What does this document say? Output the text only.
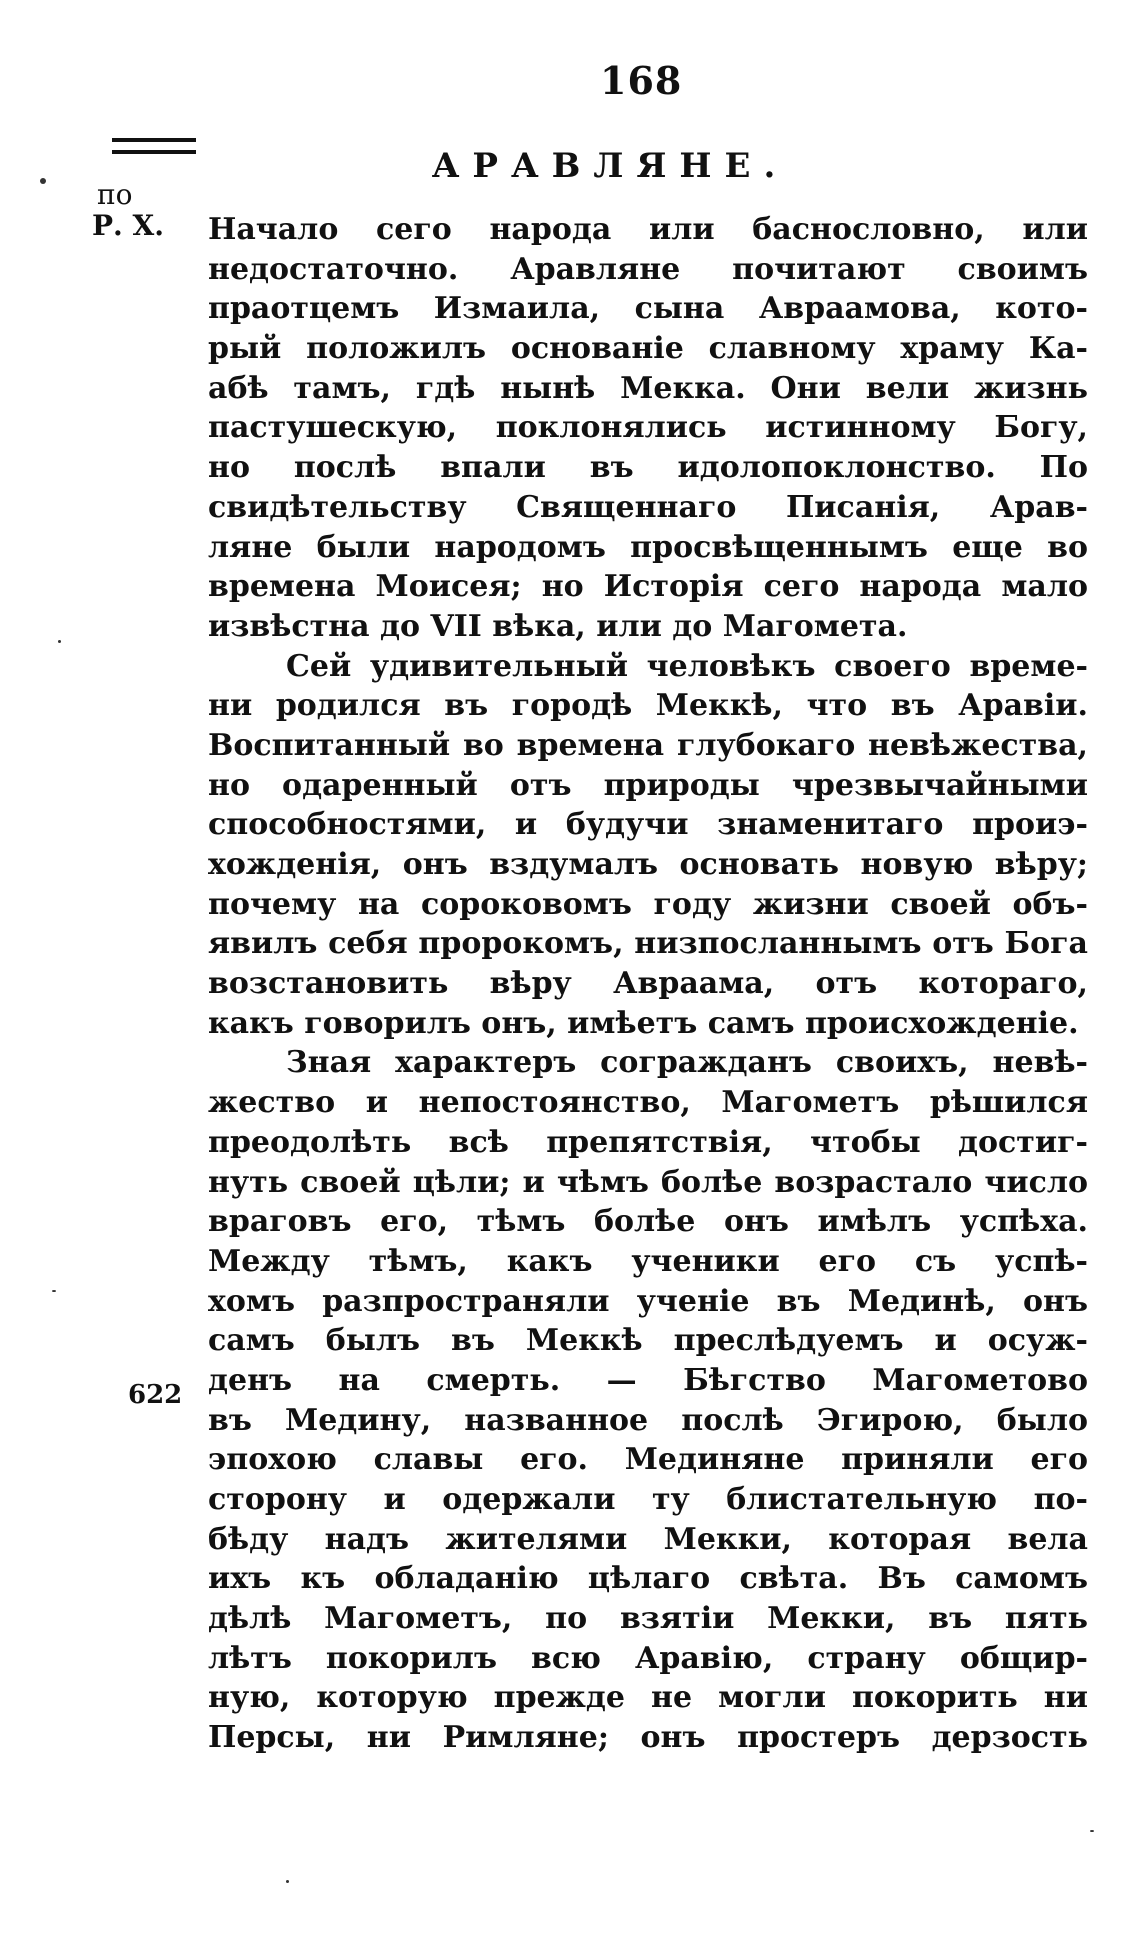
168
по
Р. Х.
622
АРАВЛЯНЕ.
Начало сего народа или баснословно, или
недостаточно. Аравляне почитают своимъ
праотцемъ Измаила, сына Авраамова, кото-
рый положилъ основаніе славному храму Ка-
абѣ тамъ, гдѣ нынѣ Мекка. Они вели жизнь
пастушескую, поклонялись истинному Богу,
но послѣ впали въ идолопоклонство. По
свидѣтельству Священнаго Писанія, Арав-
ляне были народомъ просвѣщеннымъ еще во
времена Моисея; но Исторія сего народа мало
извѣстна до VII вѣка, или до Магомета.
Сей удивительный человѣкъ своего време-
ни родился въ городѣ Меккѣ, что въ Аравіи.
Воспитанный во времена глубокаго невѣжества,
но одаренный отъ природы чрезвычайными
способностями, и будучи знаменитаго проиэ-
хожденія, онъ вздумалъ основать новую вѣру;
почему на сороковомъ году жизни своей объ-
явилъ себя пророкомъ, низпосланнымъ отъ Бога
возстановить вѣру Авраама, отъ котораго,
какъ говорилъ онъ, имѣетъ самъ происхожденіе.
Зная характеръ согражданъ своихъ, невѣ-
жество и непостоянство, Магометъ рѣшился
преодолѣть всѣ препятствія, чтобы достиг-
нуть своей цѣли; и чѣмъ болѣе возрастало число
враговъ его, тѣмъ болѣе онъ имѣлъ успѣха.
Между тѣмъ, какъ ученики его съ успѣ-
хомъ разпространяли ученіе въ Мединѣ, онъ
самъ былъ въ Меккѣ преслѣдуемъ и осуж-
денъ на смерть. — Бѣгство Магометово
въ Медину, названное послѣ Эгирою, было
эпохою славы его. Мединяне приняли его
сторону и одержали ту блистательную по-
бѣду надъ жителями Мекки, которая вела
ихъ къ обладанію цѣлаго свѣта. Въ самомъ
дѣлѣ Магометъ, по взятіи Мекки, въ пять
лѣтъ покорилъ всю Аравію, страну общир-
ную, которую прежде не могли покорить ни
Персы, ни Римляне; онъ простеръ дерзость
